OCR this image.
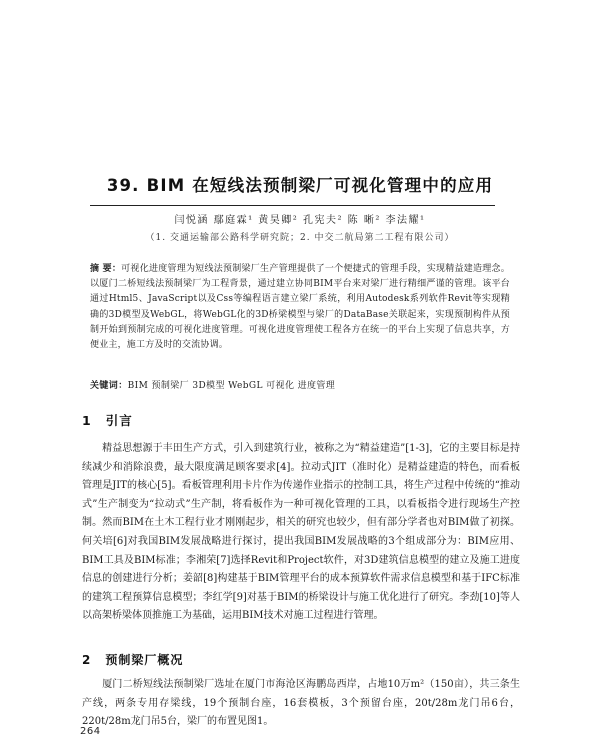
39. BIM 在短线法预制梁厂可视化管理中的应用
闫悦涵 鄢庭霖¹ 黄昊卿² 孔宪夫² 陈 晰² 李法耀¹
（1. 交通运输部公路科学研究院；2. 中交二航局第二工程有限公司）
摘 要：可视化进度管理为短线法预制梁厂生产管理提供了一个便捷式的管理手段，实现精益建造理念。以厦门二桥短线法预制梁厂为工程背景，通过建立协同BIM平台来对梁厂进行精细严谨的管理。该平台通过Html5、JavaScript以及Css等编程语言建立梁厂系统，利用Autodesk系列软件Revit等实现精确的3D模型及WebGL，将WebGL化的3D桥梁模型与梁厂的DataBase关联起来，实现预制构件从预制开始到预制完成的可视化进度管理。可视化进度管理使工程各方在统一的平台上实现了信息共享，方便业主，施工方及时的交流协调。
关键词：BIM 预制梁厂 3D模型 WebGL 可视化 进度管理
1 引言
精益思想源于丰田生产方式，引入到建筑行业，被称之为“精益建造”[1-3]，它的主要目标是持续减少和消除浪费，最大限度满足顾客要求[4]。拉动式JIT（准时化）是精益建造的特色，而看板管理是JIT的核心[5]。看板管理利用卡片作为传递作业指示的控制工具，将生产过程中传统的“推动式”生产制变为“拉动式”生产制，将看板作为一种可视化管理的工具，以看板指令进行现场生产控制。然而BIM在土木工程行业才刚刚起步，相关的研究也较少，但有部分学者也对BIM做了初探。何关培[6]对我国BIM发展战略进行探讨，提出我国BIM发展战略的3个组成部分为：BIM应用、BIM工具及BIM标准；李湘荣[7]选择Revit和Project软件，对3D建筑信息模型的建立及施工进度信息的创建进行分析；姜韶[8]构建基于BIM管理平台的成本预算软件需求信息模型和基于IFC标准的建筑工程预算信息模型；李红学[9]对基于BIM的桥梁设计与施工优化进行了研究。李劲[10]等人以高架桥梁体顶推施工为基础，运用BIM技术对施工过程进行管理。
2 预制梁厂概况
厦门二桥短线法预制梁厂选址在厦门市海沧区海鹏岛西岸，占地10万m²（150亩），共三条生产线，两条专用存梁线，19个预制台座，16套模板，3个预留台座，20t/28m龙门吊6台，220t/28m龙门吊5台，梁厂的布置见图1。
264
